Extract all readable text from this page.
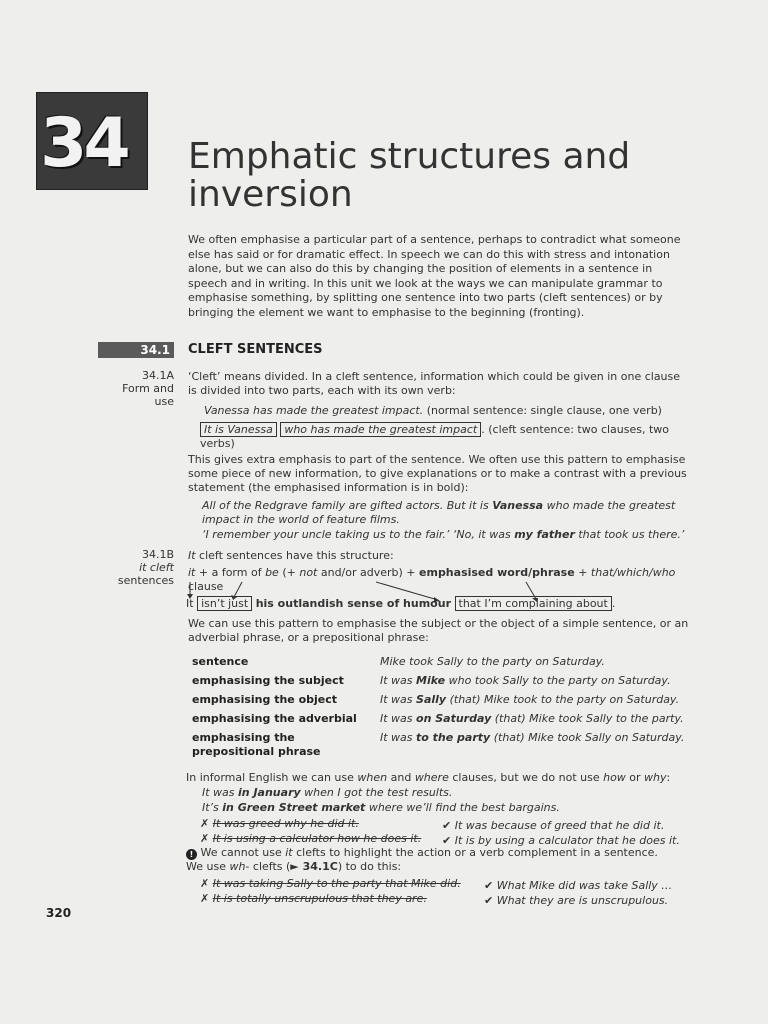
34	Emphatic structures and inversion
We often emphasise a particular part of a sentence, perhaps to contradict what someone else has said or for dramatic effect. In speech we can do this with stress and intonation alone, but we can also do this by changing the position of elements in a sentence in speech and in writing. In this unit we look at the ways we can manipulate grammar to emphasise something, by splitting one sentence into two parts (cleft sentences) or by bringing the element we want to emphasise to the beginning (fronting).
34.1	CLEFT SENTENCES
34.1A
Form and
use
‘Cleft’ means divided. In a cleft sentence, information which could be given in one clause is divided into two parts, each with its own verb:
Vanessa has made the greatest impact. (normal sentence: single clause, one verb)
It is Vanessa who has made the greatest impact . (cleft sentence: two clauses, two
verbs)
This gives extra emphasis to part of the sentence. We often use this pattern to emphasise some piece of new information, to give explanations or to make a contrast with a previous statement (the emphasised information is in bold):
All of the Redgrave family are gifted actors. But it is Vanessa who made the greatest
impact in the world of feature films.
‘I remember your uncle taking us to the fair.’ ‘No, it was my father that took us there.’
34.1B
it cleft
sentences
It cleft sentences have this structure:
it + a form of be (+ not and/or adverb) + emphasised word/phrase + that/which/who clause
It isn’t just his outlandish sense of humour that I’m complaining about .
We can use this pattern to emphasise the subject or the object of a simple sentence, or an adverbial phrase, or a prepositional phrase:
sentence	Mike took Sally to the party on Saturday.
emphasising the subject	It was Mike who took Sally to the party on Saturday.
emphasising the object	It was Sally (that) Mike took to the party on Saturday.
emphasising the adverbial	It was on Saturday (that) Mike took Sally to the party.
emphasising the prepositional phrase	It was to the party (that) Mike took Sally on Saturday.
In informal English we can use when and where clauses, but we do not use how or why:
It was in January when I got the test results.
It’s in Green Street market where we’ll find the best bargains.
✗ It was greed why he did it.	✔ It was because of greed that he did it.
✗ It is using a calculator how he does it. ✔ It is by using a calculator that he does it.
! We cannot use it clefts to highlight the action or a verb complement in a sentence.
We use wh- clefts (► 34.1C) to do this:
✗ It was taking Sally to the party that Mike did. ✔ What Mike did was take Sally …
✗ It is totally unscrupulous that they are.	✔ What they are is unscrupulous.
320
